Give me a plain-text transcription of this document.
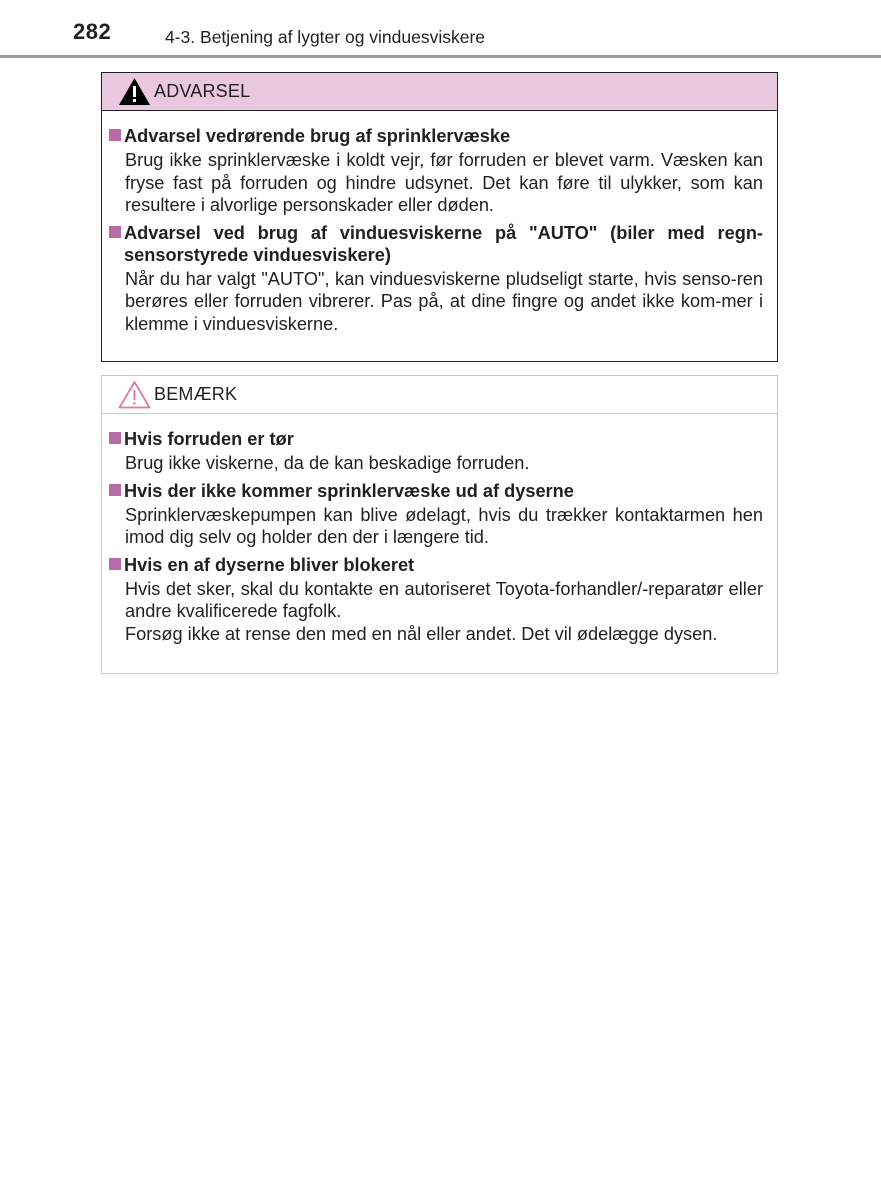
282	4-3. Betjening af lygter og vinduesviskere
ADVARSEL
Advarsel vedrørende brug af sprinklervæske
Brug ikke sprinklervæske i koldt vejr, før forruden er blevet varm. Væsken kan fryse fast på forruden og hindre udsynet. Det kan føre til ulykker, som kan resultere i alvorlige personskader eller døden.
Advarsel ved brug af vinduesviskerne på "AUTO" (biler med regn-sensorstyrede vinduesviskere)
Når du har valgt "AUTO", kan vinduesviskerne pludseligt starte, hvis senso-ren berøres eller forruden vibrerer. Pas på, at dine fingre og andet ikke kom-mer i klemme i vinduesviskerne.
BEMÆRK
Hvis forruden er tør
Brug ikke viskerne, da de kan beskadige forruden.
Hvis der ikke kommer sprinklervæske ud af dyserne
Sprinklervæskepumpen kan blive ødelagt, hvis du trækker kontaktarmen hen imod dig selv og holder den der i længere tid.
Hvis en af dyserne bliver blokeret

Hvis det sker, skal du kontakte en autoriseret Toyota-forhandler/-reparatør eller andre kvalificerede fagfolk.

Forsøg ikke at rense den med en nål eller andet. Det vil ødelægge dysen.
